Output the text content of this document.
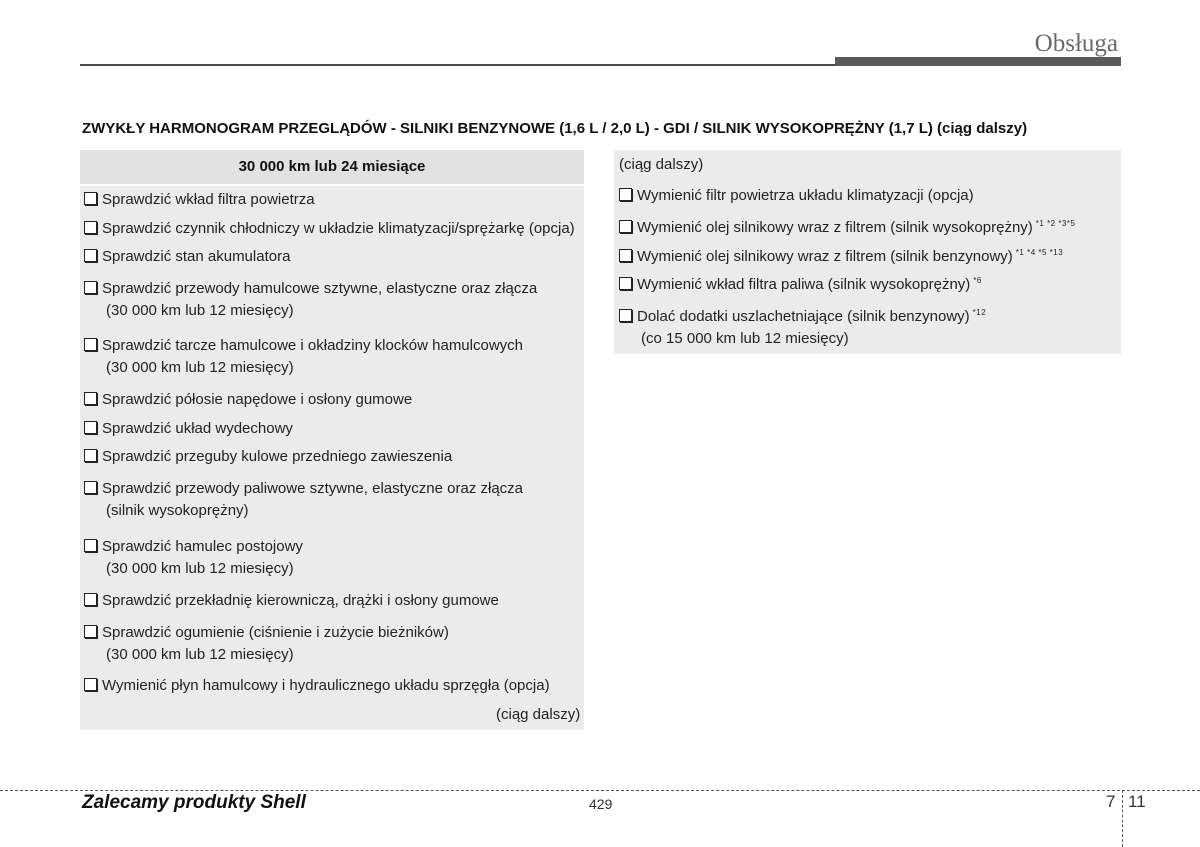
Obsługa
ZWYKŁY HARMONOGRAM PRZEGLĄDÓW - SILNIKI BENZYNOWE (1,6 L / 2,0 L) - GDI / SILNIK WYSOKOPRĘŻNY (1,7 L) (ciąg dalszy)
30 000 km lub 24 miesiące
Sprawdzić wkład filtra powietrza
Sprawdzić czynnik chłodniczy w układzie klimatyzacji/sprężarkę (opcja)
Sprawdzić stan akumulatora
Sprawdzić przewody hamulcowe sztywne, elastyczne oraz złącza
(30 000 km lub 12 miesięcy)
Sprawdzić tarcze hamulcowe i okładziny klocków hamulcowych
(30 000 km lub 12 miesięcy)
Sprawdzić półosie napędowe i osłony gumowe
Sprawdzić układ wydechowy
Sprawdzić przeguby kulowe przedniego zawieszenia
Sprawdzić przewody paliwowe sztywne, elastyczne oraz złącza
(silnik wysokoprężny)
Sprawdzić hamulec postojowy
(30 000 km lub 12 miesięcy)
Sprawdzić przekładnię kierowniczą, drążki i osłony gumowe
Sprawdzić ogumienie (ciśnienie i zużycie bieżników)
(30 000 km lub 12 miesięcy)
Wymienić płyn hamulcowy i hydraulicznego układu sprzęgła (opcja)
(ciąg dalszy)
(ciąg dalszy)
Wymienić filtr powietrza układu klimatyzacji (opcja)
Wymienić olej silnikowy wraz z filtrem (silnik wysokoprężny) $^{*1 *2 *3*5}$
Wymienić olej silnikowy wraz z filtrem (silnik benzynowy) $^{*1 *4 *5 *13}$
Wymienić wkład filtra paliwa (silnik wysokoprężny) $^{*6}$
Dolać dodatki uszlachetniające (silnik benzynowy) $^{*12}$
(co 15 000 km lub 12 miesięcy)
Zalecamy produkty Shell	429	7 11
